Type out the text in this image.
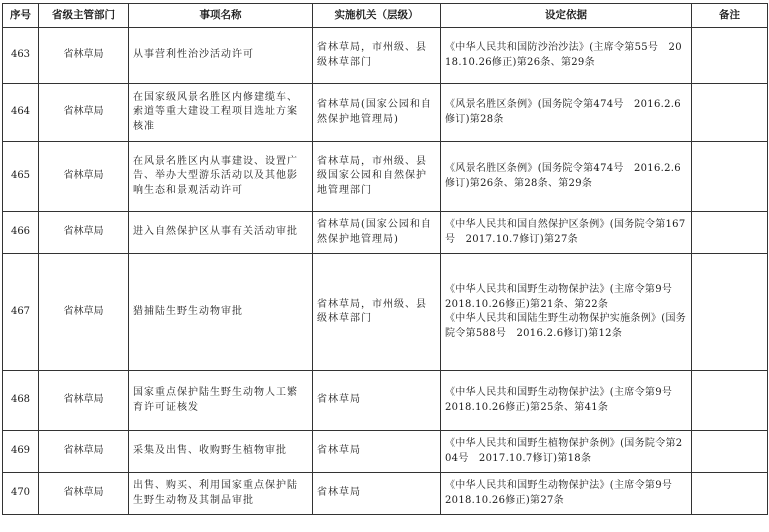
序号	省级主管部门	事项名称	实施机关（层级）	设定依据	备注
463	省林草局	从事营利性治沙活动许可	省林草局，市州级、县级林草部门	《中华人民共和国防沙治沙法》(主席令第55号　2018.10.26修正)第26条、第29条	

464	省林草局	在国家级风景名胜区内修建缆车、索道等重大建设工程项目选址方案核准	省林草局(国家公园和自然保护地管理局)	《风景名胜区条例》(国务院令第474号　2016.2.6修订)第28条	

465	省林草局	在风景名胜区内从事建设、设置广告、举办大型游乐活动以及其他影响生态和景观活动许可	省林草局，市州级、县级国家公园和自然保护地管理部门	《风景名胜区条例》(国务院令第474号　2016.2.6修订)第26条、第28条、第29条	

466	省林草局	进入自然保护区从事有关活动审批	省林草局(国家公园和自然保护地管理局)	《中华人民共和国自然保护区条例》(国务院令第167号　2017.10.7修订)第27条	

467	省林草局	猎捕陆生野生动物审批	省林草局，市州级、县级林草部门	《中华人民共和国野生动物保护法》(主席令第9号　2018.10.26修正)第21条、第22条
《中华人民共和国陆生野生动物保护实施条例》(国务院令第588号　2016.2.6修订)第12条	

468	省林草局	国家重点保护陆生野生动物人工繁育许可证核发	省林草局	《中华人民共和国野生动物保护法》(主席令第9号　2018.10.26修正)第25条、第41条	

469	省林草局	采集及出售、收购野生植物审批	省林草局	《中华人民共和国野生植物保护条例》(国务院令第204号　2017.10.7修订)第18条	

470	省林草局	出售、购买、利用国家重点保护陆生野生动物及其制品审批	省林草局	《中华人民共和国野生动物保护法》(主席令第9号　2018.10.26修正)第27条	
